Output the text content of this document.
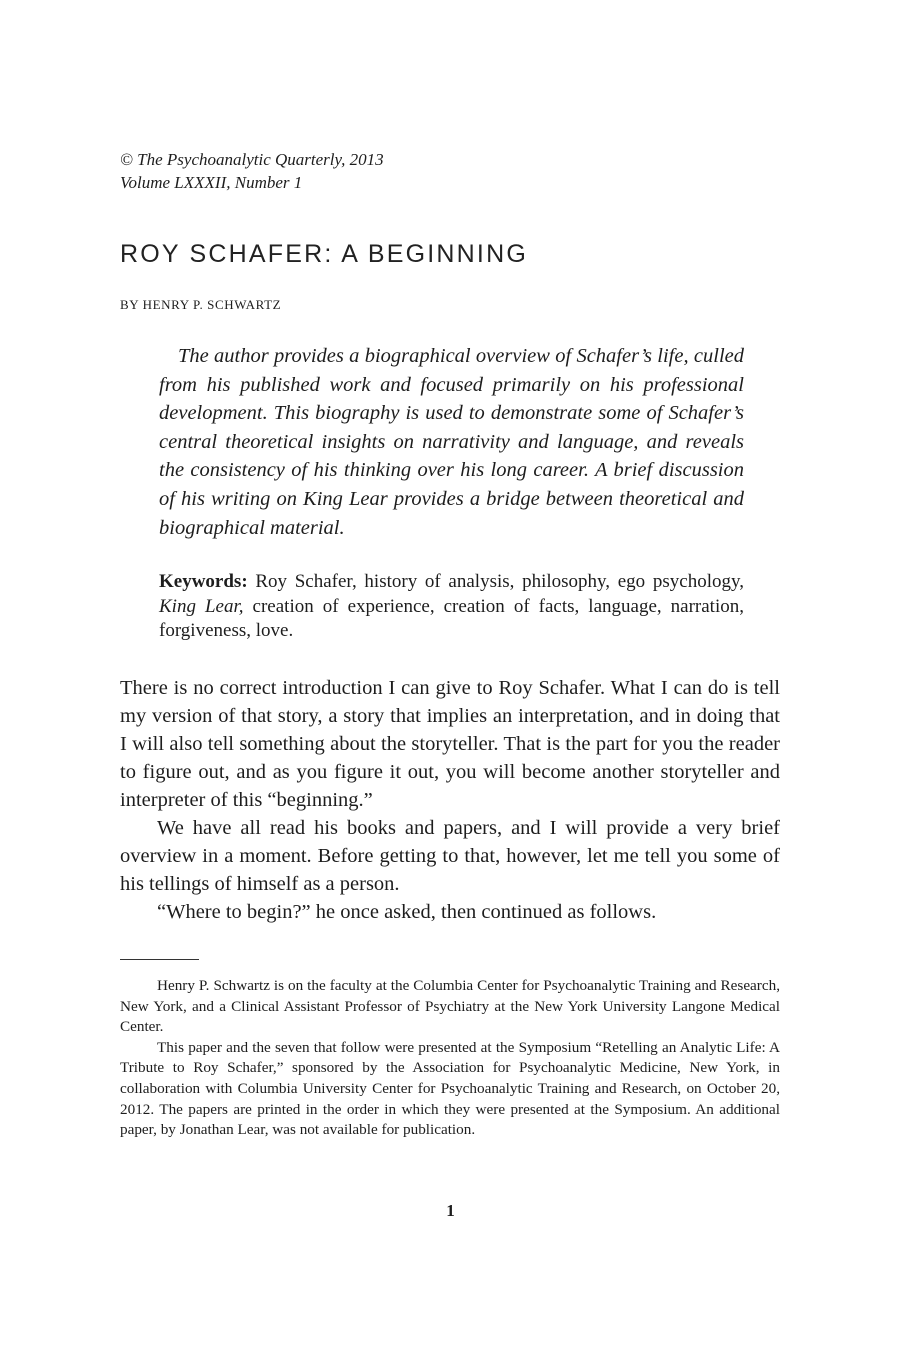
© The Psychoanalytic Quarterly, 2013
Volume LXXXII, Number 1
ROY SCHAFER: A BEGINNING
BY HENRY P. SCHWARTZ

The author provides a biographical overview of Schafer’s life, culled from his published work and focused primarily on his professional development. This biography is used to demonstrate some of Schafer’s central theoretical insights on narrativity and language, and reveals the consistency of his thinking over his long career. A brief discussion of his writing on King Lear provides a bridge between theoretical and biographical material.

Keywords: Roy Schafer, history of analysis, philosophy, ego psychology, King Lear, creation of experience, creation of facts, language, narration, forgiveness, love.

There is no correct introduction I can give to Roy Schafer. What I can do is tell my version of that story, a story that implies an interpretation, and in doing that I will also tell something about the storyteller. That is the part for you the reader to figure out, and as you figure it out, you will become another storyteller and interpreter of this “beginning.”

We have all read his books and papers, and I will provide a very brief overview in a moment. Before getting to that, however, let me tell you some of his tellings of himself as a person.

“Where to begin?” he once asked, then continued as follows.

Henry P. Schwartz is on the faculty at the Columbia Center for Psychoanalytic Training and Research, New York, and a Clinical Assistant Professor of Psychiatry at the New York University Langone Medical Center.

This paper and the seven that follow were presented at the Symposium “Retelling an Analytic Life: A Tribute to Roy Schafer,” sponsored by the Association for Psychoanalytic Medicine, New York, in collaboration with Columbia University Center for Psychoanalytic Training and Research, on October 20, 2012. The papers are printed in the order in which they were presented at the Symposium. An additional paper, by Jonathan Lear, was not available for publication.

1
